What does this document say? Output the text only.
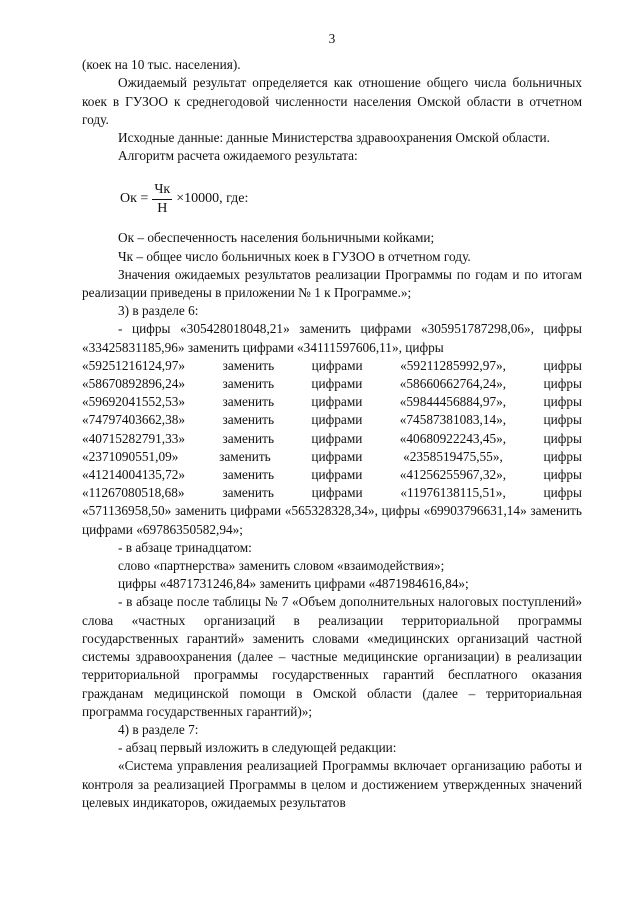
3

(коек на 10 тыс. населения).

Ожидаемый результат определяется как отношение общего числа больничных коек в ГУЗОО к среднегодовой численности населения Омской области в отчетном году.

Исходные данные: данные Министерства здравоохранения Омской области.

Алгоритм расчета ожидаемого результата:

Ок = $\frac{Чк}{Н} \times 10000$ , где:

Ок – обеспеченность населения больничными койками;

Чк – общее число больничных коек в ГУЗОО в отчетном году.

Значения ожидаемых результатов реализации Программы по годам и по итогам реализации приведены в приложении № 1 к Программе.»;

3) в разделе 6:

- цифры «305428018048,21» заменить цифрами «305951787298,06», цифры «33425831185,96» заменить цифрами «34111597606,11», цифры

«59251216124,97»	заменить	цифрами	«59211285992,97»,	цифры
«58670892896,24»	заменить	цифрами	«58660662764,24»,	цифры
«59692041552,53»	заменить	цифрами	«59844456884,97»,	цифры
«74797403662,38»	заменить	цифрами	«74587381083,14»,	цифры
«40715282791,33»	заменить	цифрами	«40680922243,45»,	цифры
«2371090551,09»	заменить	цифрами	«2358519475,55»,	цифры
«41214004135,72»	заменить	цифрами	«41256255967,32»,	цифры
«11267080518,68»	заменить	цифрами	«11976138115,51»,	цифры

«571136958,50» заменить цифрами «565328328,34», цифры «69903796631,14» заменить цифрами «69786350582,94»;

- в абзаце тринадцатом:

слово «партнерства» заменить словом «взаимодействия»;

цифры «4871731246,84» заменить цифрами «4871984616,84»;

- в абзаце после таблицы № 7 «Объем дополнительных налоговых поступлений» слова «частных организаций в реализации территориальной программы государственных гарантий» заменить словами «медицинских организаций частной системы здравоохранения (далее – частные медицинские организации) в реализации территориальной программы государственных гарантий бесплатного оказания гражданам медицинской помощи в Омской области (далее – территориальная программа государственных гарантий)»;

4) в разделе 7:

- абзац первый изложить в следующей редакции:

«Система управления реализацией Программы включает организацию работы и контроля за реализацией Программы в целом и достижением утвержденных значений целевых индикаторов, ожидаемых результатов
